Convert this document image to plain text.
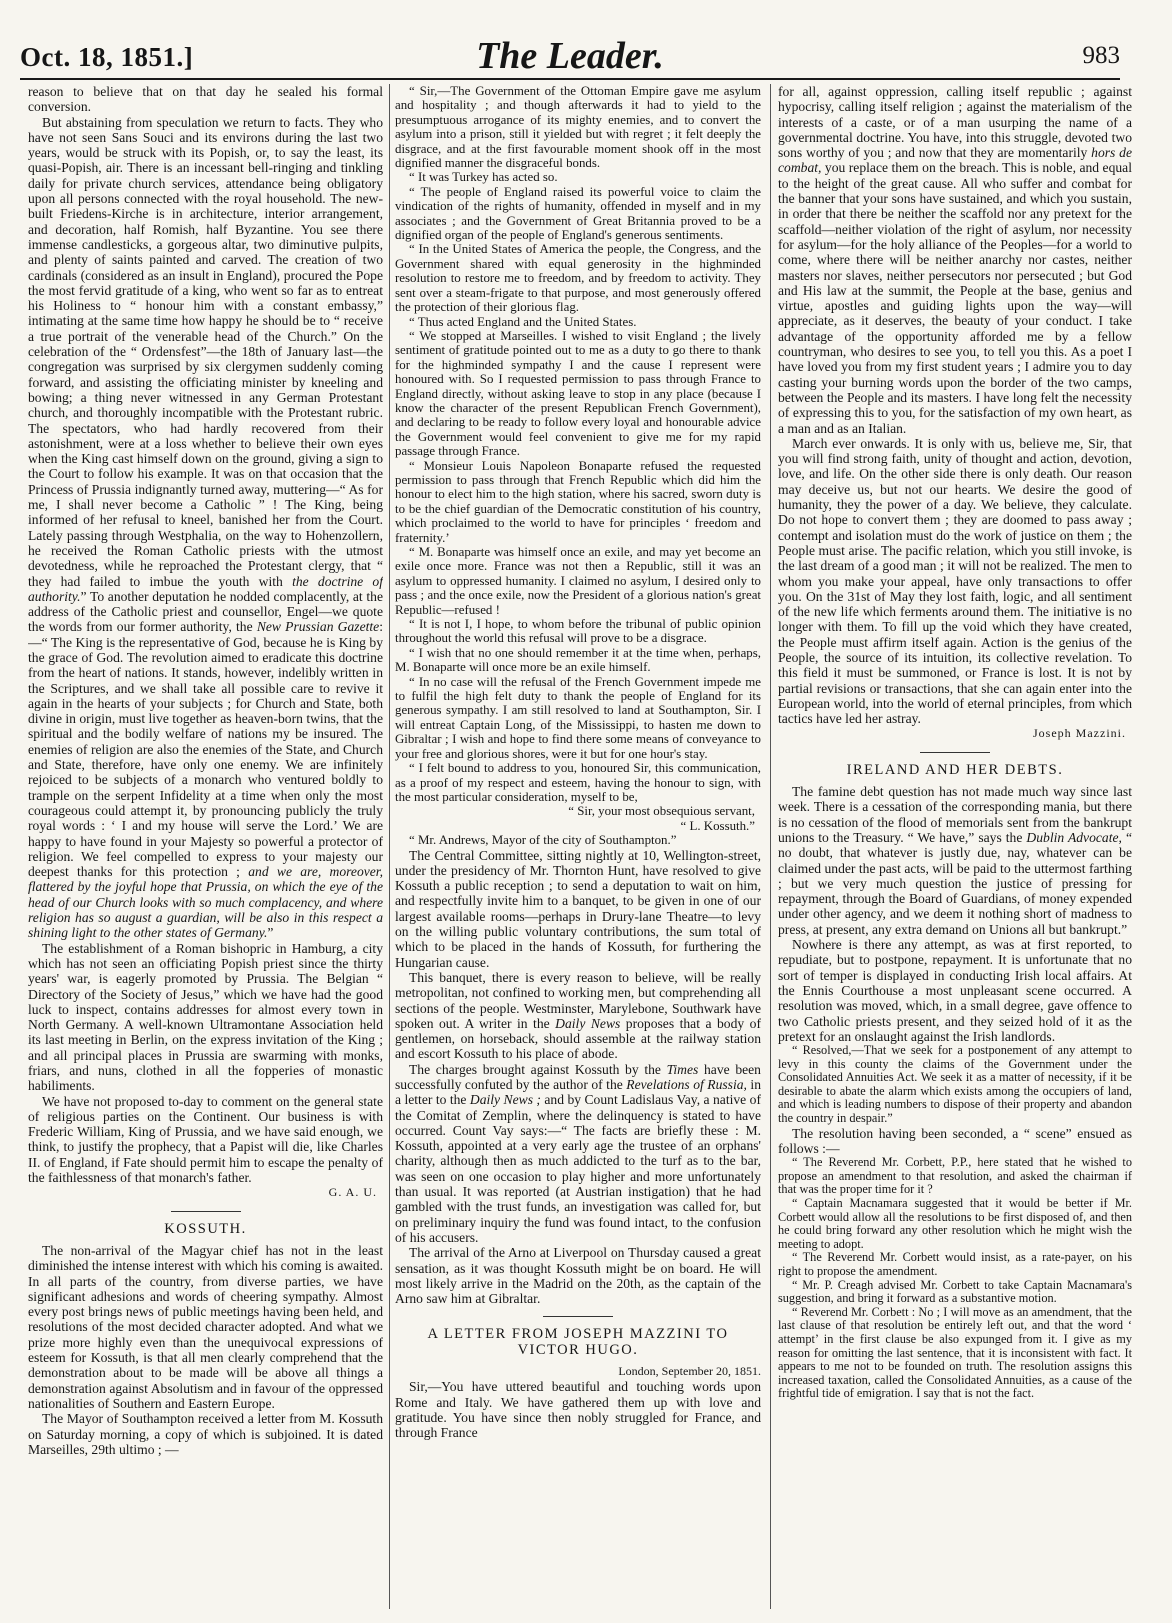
Oct. 18, 1851.]	The Leader.	983

reason to believe that on that day he sealed his formal conversion.

But abstaining from speculation we return to facts. They who have not seen Sans Souci and its environs during the last two years, would be struck with its Popish, or, to say the least, its quasi-Popish, air. There is an incessant bell-ringing and tinkling daily for private church services, attendance being obligatory upon all persons connected with the royal household. The new-built Friedens-Kirche is in architecture, interior arrangement, and decoration, half Romish, half Byzantine. You see there immense candlesticks, a gorgeous altar, two diminutive pulpits, and plenty of saints painted and carved. The creation of two cardinals (considered as an insult in England), procured the Pope the most fervid gratitude of a king, who went so far as to entreat his Holiness to “ honour him with a constant embassy,” intimating at the same time how happy he should be to “ receive a true portrait of the venerable head of the Church.” On the celebration of the “ Ordensfest”—the 18th of January last—the congregation was surprised by six clergymen suddenly coming forward, and assisting the officiating minister by kneeling and bowing; a thing never witnessed in any German Protestant church, and thoroughly incompatible with the Protestant rubric. The spectators, who had hardly recovered from their astonishment, were at a loss whether to believe their own eyes when the King cast himself down on the ground, giving a sign to the Court to follow his example. It was on that occasion that the Princess of Prussia indignantly turned away, muttering—“ As for me, I shall never become a Catholic ” ! The King, being informed of her refusal to kneel, banished her from the Court. Lately passing through Westphalia, on the way to Hohenzollern, he received the Roman Catholic priests with the utmost devotedness, while he reproached the Protestant clergy, that “ they had failed to imbue the youth with the doctrine of authority.” To another deputation he nodded complacently, at the address of the Catholic priest and counsellor, Engel—we quote the words from our former authority, the New Prussian Gazette:—“ The King is the representative of God, because he is King by the grace of God. The revolution aimed to eradicate this doctrine from the heart of nations. It stands, however, indelibly written in the Scriptures, and we shall take all possible care to revive it again in the hearts of your subjects ; for Church and State, both divine in origin, must live together as heaven-born twins, that the spiritual and the bodily welfare of nations my be insured. The enemies of religion are also the enemies of the State, and Church and State, therefore, have only one enemy. We are infinitely rejoiced to be subjects of a monarch who ventured boldly to trample on the serpent Infidelity at a time when only the most courageous could attempt it, by pronouncing publicly the truly royal words : ‘ I and my house will serve the Lord.’ We are happy to have found in your Majesty so powerful a protector of religion. We feel compelled to express to your majesty our deepest thanks for this protection ; and we are, moreover, flattered by the joyful hope that Prussia, on which the eye of the head of our Church looks with so much complacency, and where religion has so august a guardian, will be also in this respect a shining light to the other states of Germany.”

The establishment of a Roman bishopric in Hamburg, a city which has not seen an officiating Popish priest since the thirty years' war, is eagerly promoted by Prussia. The Belgian “ Directory of the Society of Jesus,” which we have had the good luck to inspect, contains addresses for almost every town in North Germany. A well-known Ultramontane Association held its last meeting in Berlin, on the express invitation of the King ; and all principal places in Prussia are swarming with monks, friars, and nuns, clothed in all the fopperies of monastic habiliments.

We have not proposed to-day to comment on the general state of religious parties on the Continent. Our business is with Frederic William, King of Prussia, and we have said enough, we think, to justify the prophecy, that a Papist will die, like Charles II. of England, if Fate should permit him to escape the penalty of the faithlessness of that monarch's father.

G. A. U.
KOSSUTH.

The non-arrival of the Magyar chief has not in the least diminished the intense interest with which his coming is awaited. In all parts of the country, from diverse parties, we have significant adhesions and words of cheering sympathy. Almost every post brings news of public meetings having been held, and resolutions of the most decided character adopted. And what we prize more highly even than the unequivocal expressions of esteem for Kossuth, is that all men clearly comprehend that the demonstration about to be made will be above all things a demonstration against Absolutism and in favour of the oppressed nationalities of Southern and Eastern Europe.

The Mayor of Southampton received a letter from M. Kossuth on Saturday morning, a copy of which is subjoined. It is dated Marseilles, 29th ultimo ; —

“ Sir,—The Government of the Ottoman Empire gave me asylum and hospitality ; and though afterwards it had to yield to the presumptuous arrogance of its mighty enemies, and to convert the asylum into a prison, still it yielded but with regret ; it felt deeply the disgrace, and at the first favourable moment shook off in the most dignified manner the disgraceful bonds.

“ It was Turkey has acted so.

“ The people of England raised its powerful voice to claim the vindication of the rights of humanity, offended in myself and in my associates ; and the Government of Great Britannia proved to be a dignified organ of the people of England's generous sentiments.

“ In the United States of America the people, the Congress, and the Government shared with equal generosity in the highminded resolution to restore me to freedom, and by freedom to activity. They sent over a steam-frigate to that purpose, and most generously offered the protection of their glorious flag.

“ Thus acted England and the United States.

“ We stopped at Marseilles. I wished to visit England ; the lively sentiment of gratitude pointed out to me as a duty to go there to thank for the highminded sympathy I and the cause I represent were honoured with. So I requested permission to pass through France to England directly, without asking leave to stop in any place (because I know the character of the present Republican French Government), and declaring to be ready to follow every loyal and honourable advice the Government would feel convenient to give me for my rapid passage through France.

“ Monsieur Louis Napoleon Bonaparte refused the requested permission to pass through that French Republic which did him the honour to elect him to the high station, where his sacred, sworn duty is to be the chief guardian of the Democratic constitution of his country, which proclaimed to the world to have for principles ‘ freedom and fraternity.’

“ M. Bonaparte was himself once an exile, and may yet become an exile once more. France was not then a Republic, still it was an asylum to oppressed humanity. I claimed no asylum, I desired only to pass ; and the once exile, now the President of a glorious nation's great Republic—refused !

“ It is not I, I hope, to whom before the tribunal of public opinion throughout the world this refusal will prove to be a disgrace.

“ I wish that no one should remember it at the time when, perhaps, M. Bonaparte will once more be an exile himself.

“ In no case will the refusal of the French Government impede me to fulfil the high felt duty to thank the people of England for its generous sympathy. I am still resolved to land at Southampton, Sir. I will entreat Captain Long, of the Mississippi, to hasten me down to Gibraltar ; I wish and hope to find there some means of conveyance to your free and glorious shores, were it but for one hour's stay.

“ I felt bound to address to you, honoured Sir, this communication, as a proof of my respect and esteem, having the honour to sign, with the most particular consideration, myself to be,

“ Sir, your most obsequious servant,
“ L. Kossuth.”

“ Mr. Andrews, Mayor of the city of Southampton.”

The Central Committee, sitting nightly at 10, Wellington-street, under the presidency of Mr. Thornton Hunt, have resolved to give Kossuth a public reception ; to send a deputation to wait on him, and respectfully invite him to a banquet, to be given in one of our largest available rooms—perhaps in Drury-lane Theatre—to levy on the willing public voluntary contributions, the sum total of which to be placed in the hands of Kossuth, for furthering the Hungarian cause.

This banquet, there is every reason to believe, will be really metropolitan, not confined to working men, but comprehending all sections of the people. Westminster, Marylebone, Southwark have spoken out. A writer in the Daily News proposes that a body of gentlemen, on horseback, should assemble at the railway station and escort Kossuth to his place of abode.

The charges brought against Kossuth by the Times have been successfully confuted by the author of the Revelations of Russia, in a letter to the Daily News ; and by Count Ladislaus Vay, a native of the Comitat of Zemplin, where the delinquency is stated to have occurred. Count Vay says:—“ The facts are briefly these : M. Kossuth, appointed at a very early age the trustee of an orphans' charity, although then as much addicted to the turf as to the bar, was seen on one occasion to play higher and more unfortunately than usual. It was reported (at Austrian instigation) that he had gambled with the trust funds, an investigation was called for, but on preliminary inquiry the fund was found intact, to the confusion of his accusers.

The arrival of the Arno at Liverpool on Thursday caused a great sensation, as it was thought Kossuth might be on board. He will most likely arrive in the Madrid on the 20th, as the captain of the Arno saw him at Gibraltar.

A LETTER FROM JOSEPH MAZZINI TO VICTOR HUGO.
London, September 20, 1851.

Sir,—You have uttered beautiful and touching words upon Rome and Italy. We have gathered them up with love and gratitude. You have since then nobly struggled for France, and through France

for all, against oppression, calling itself republic ; against hypocrisy, calling itself religion ; against the materialism of the interests of a caste, or of a man usurping the name of a governmental doctrine. You have, into this struggle, devoted two sons worthy of you ; and now that they are momentarily hors de combat, you replace them on the breach. This is noble, and equal to the height of the great cause. All who suffer and combat for the banner that your sons have sustained, and which you sustain, in order that there be neither the scaffold nor any pretext for the scaffold—neither violation of the right of asylum, nor necessity for asylum—for the holy alliance of the Peoples—for a world to come, where there will be neither anarchy nor castes, neither masters nor slaves, neither persecutors nor persecuted ; but God and His law at the summit, the People at the base, genius and virtue, apostles and guiding lights upon the way—will appreciate, as it deserves, the beauty of your conduct. I take advantage of the opportunity afforded me by a fellow countryman, who desires to see you, to tell you this. As a poet I have loved you from my first student years ; I admire you to day casting your burning words upon the border of the two camps, between the People and its masters. I have long felt the necessity of expressing this to you, for the satisfaction of my own heart, as a man and as an Italian.

March ever onwards. It is only with us, believe me, Sir, that you will find strong faith, unity of thought and action, devotion, love, and life. On the other side there is only death. Our reason may deceive us, but not our hearts. We desire the good of humanity, they the power of a day. We believe, they calculate. Do not hope to convert them ; they are doomed to pass away ; contempt and isolation must do the work of justice on them ; the People must arise. The pacific relation, which you still invoke, is the last dream of a good man ; it will not be realized. The men to whom you make your appeal, have only transactions to offer you. On the 31st of May they lost faith, logic, and all sentiment of the new life which ferments around them. The initiative is no longer with them. To fill up the void which they have created, the People must affirm itself again. Action is the genius of the People, the source of its intuition, its collective revelation. To this field it must be summoned, or France is lost. It is not by partial revisions or transactions, that she can again enter into the European world, into the world of eternal principles, from which tactics have led her astray.

Joseph Mazzini.
IRELAND AND HER DEBTS.

The famine debt question has not made much way since last week. There is a cessation of the corresponding mania, but there is no cessation of the flood of memorials sent from the bankrupt unions to the Treasury. “ We have,” says the Dublin Advocate, “ no doubt, that whatever is justly due, nay, whatever can be claimed under the past acts, will be paid to the uttermost farthing ; but we very much question the justice of pressing for repayment, through the Board of Guardians, of money expended under other agency, and we deem it nothing short of madness to press, at present, any extra demand on Unions all but bankrupt.”

Nowhere is there any attempt, as was at first reported, to repudiate, but to postpone, repayment. It is unfortunate that no sort of temper is displayed in conducting Irish local affairs. At the Ennis Courthouse a most unpleasant scene occurred. A resolution was moved, which, in a small degree, gave offence to two Catholic priests present, and they seized hold of it as the pretext for an onslaught against the Irish landlords.

“ Resolved,—That we seek for a postponement of any attempt to levy in this county the claims of the Government under the Consolidated Annuities Act. We seek it as a matter of necessity, if it be desirable to abate the alarm which exists among the occupiers of land, and which is leading numbers to dispose of their property and abandon the country in despair.”

The resolution having been seconded, a “ scene” ensued as follows :—

“ The Reverend Mr. Corbett, P.P., here stated that he wished to propose an amendment to that resolution, and asked the chairman if that was the proper time for it ?

“ Captain Macnamara suggested that it would be better if Mr. Corbett would allow all the resolutions to be first disposed of, and then he could bring forward any other resolution which he might wish the meeting to adopt.

“ The Reverend Mr. Corbett would insist, as a rate-payer, on his right to propose the amendment.

“ Mr. P. Creagh advised Mr. Corbett to take Captain Macnamara's suggestion, and bring it forward as a substantive motion.

“ Reverend Mr. Corbett : No ; I will move as an amendment, that the last clause of that resolution be entirely left out, and that the word ‘ attempt’ in the first clause be also expunged from it. I give as my reason for omitting the last sentence, that it is inconsistent with fact. It appears to me not to be founded on truth. The resolution assigns this increased taxation, called the Consolidated Annuities, as a cause of the frightful tide of emigration. I say that is not the fact.
